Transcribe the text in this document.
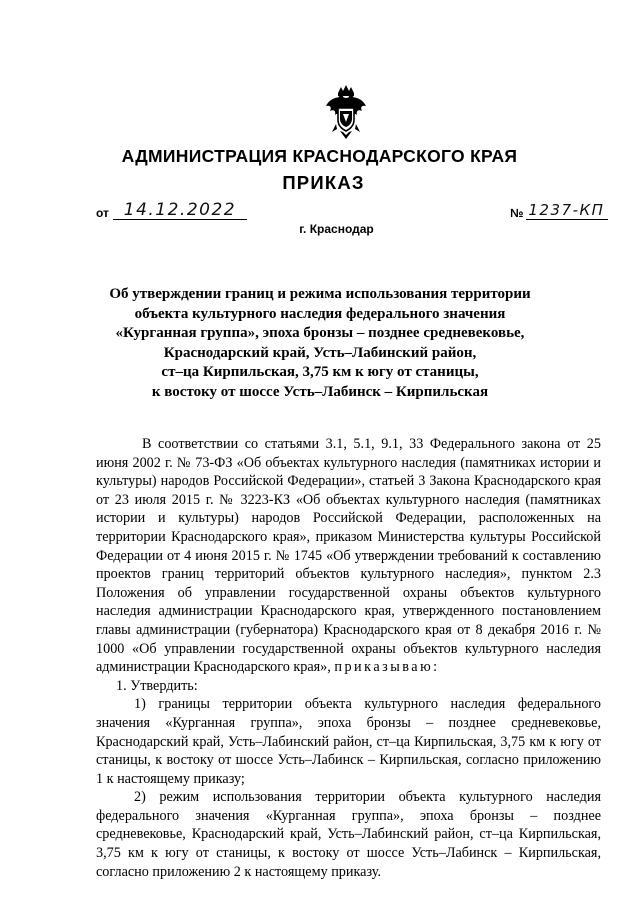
АДМИНИСТРАЦИЯ КРАСНОДАРСКОГО КРАЯ
ПРИКАЗ
от 14.12.2022	№ 1237-КП
г. Краснодар
Об утверждении границ и режима использования территории
объекта культурного наследия федерального значения
«Курганная группа», эпоха бронзы – позднее средневековье,
Краснодарский край, Усть–Лабинский район,
ст–ца Кирпильская, 3,75 км к югу от станицы,
к востоку от шоссе Усть–Лабинск – Кирпильская

В соответствии со статьями 3.1, 5.1, 9.1, 33 Федерального закона от 25 июня 2002 г. № 73-ФЗ «Об объектах культурного наследия (памятниках истории и культуры) народов Российской Федерации», статьей 3 Закона Краснодарского края от 23 июля 2015 г. № 3223-КЗ «Об объектах культурного наследия (памятниках истории и культуры) народов Российской Федерации, расположенных на территории Краснодарского края», приказом Министерства культуры Российской Федерации от 4 июня 2015 г. № 1745 «Об утверждении требований к составлению проектов границ территорий объектов культурного наследия», пунктом 2.3 Положения об управлении государственной охраны объектов культурного наследия администрации Краснодарского края, утвержденного постановлением главы администрации (губернатора) Краснодарского края от 8 декабря 2016 г. № 1000 «Об управлении государственной охраны объектов культурного наследия администрации Краснодарского края», приказываю:

1. Утвердить:

1) границы территории объекта культурного наследия федерального значения «Курганная группа», эпоха бронзы – позднее средневековье, Краснодарский край, Усть–Лабинский район, ст–ца Кирпильская, 3,75 км к югу от станицы, к востоку от шоссе Усть–Лабинск – Кирпильская, согласно приложению 1 к настоящему приказу;

2) режим использования территории объекта культурного наследия федерального значения «Курганная группа», эпоха бронзы – позднее средневековье, Краснодарский край, Усть–Лабинский район, ст–ца Кирпильская, 3,75 км к югу от станицы, к востоку от шоссе Усть–Лабинск – Кирпильская, согласно приложению 2 к настоящему приказу.
